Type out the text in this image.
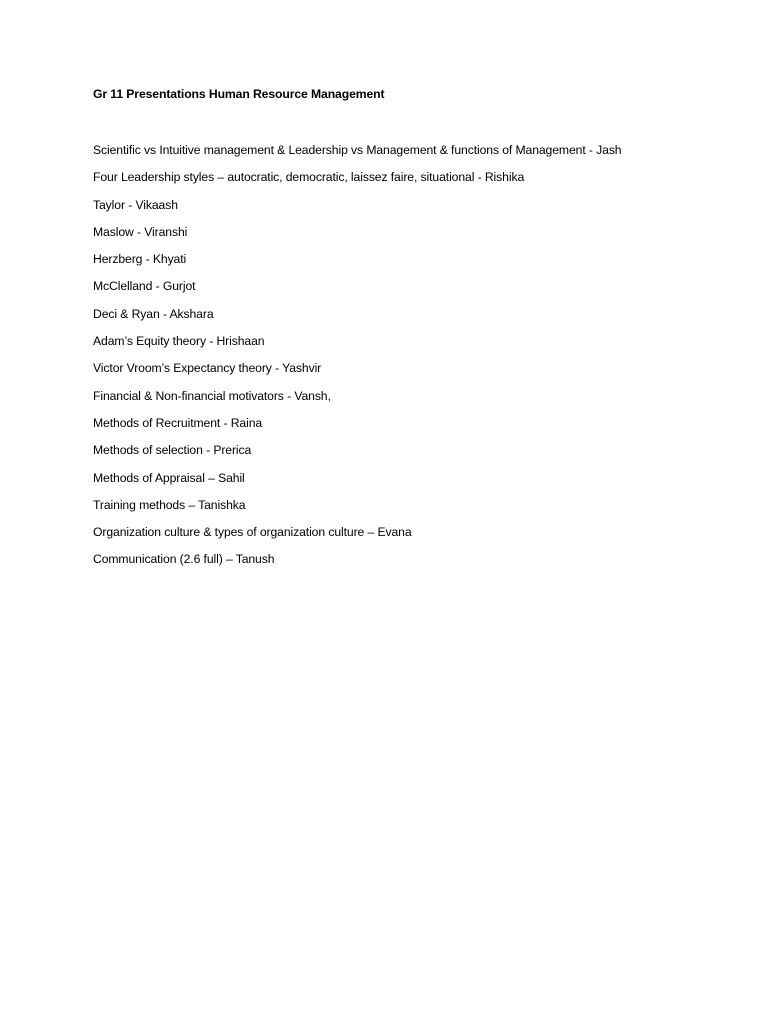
Gr 11 Presentations Human Resource Management
Scientific vs Intuitive management & Leadership vs Management & functions of Management - Jash
Four Leadership styles – autocratic, democratic, laissez faire, situational - Rishika
Taylor - Vikaash
Maslow - Viranshi
Herzberg - Khyati
McClelland - Gurjot
Deci & Ryan - Akshara
Adam’s Equity theory - Hrishaan
Victor Vroom’s Expectancy theory - Yashvir
Financial & Non-financial motivators - Vansh,
Methods of Recruitment - Raina
Methods of selection - Prerica
Methods of Appraisal – Sahil
Training methods – Tanishka
Organization culture & types of organization culture – Evana
Communication (2.6 full) – Tanush
